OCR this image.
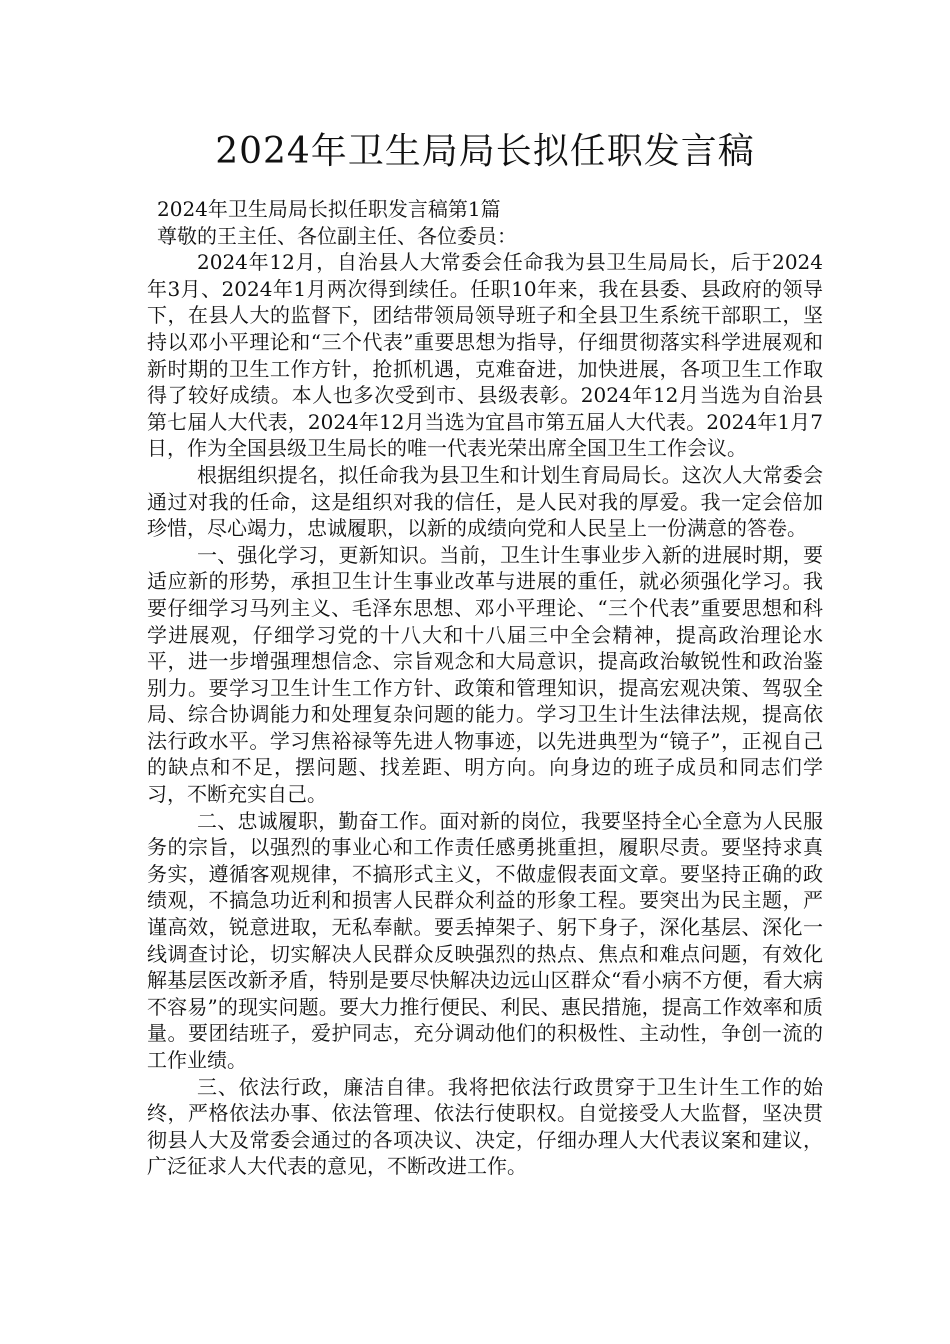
2024年卫生局局长拟任职发言稿

2024年卫生局局长拟任职发言稿第1篇

尊敬的王主任、各位副主任、各位委员：

2024年12月，自治县人大常委会任命我为县卫生局局长，后于2024年3月、2024年1月两次得到续任。任职10年来，我在县委、县政府的领导下，在县人大的监督下，团结带领局领导班子和全县卫生系统干部职工，坚持以邓小平理论和“三个代表”重要思想为指导，仔细贯彻落实科学进展观和新时期的卫生工作方针，抢抓机遇，克难奋进，加快进展，各项卫生工作取得了较好成绩。本人也多次受到市、县级表彰。2024年12月当选为自治县第七届人大代表，2024年12月当选为宜昌市第五届人大代表。2024年1月7日，作为全国县级卫生局长的唯一代表光荣出席全国卫生工作会议。

根据组织提名，拟任命我为县卫生和计划生育局局长。这次人大常委会通过对我的任命，这是组织对我的信任，是人民对我的厚爱。我一定会倍加珍惜，尽心竭力，忠诚履职，以新的成绩向党和人民呈上一份满意的答卷。

一、强化学习，更新知识。当前，卫生计生事业步入新的进展时期，要适应新的形势，承担卫生计生事业改革与进展的重任，就必须强化学习。我要仔细学习马列主义、毛泽东思想、邓小平理论、“三个代表”重要思想和科学进展观，仔细学习党的十八大和十八届三中全会精神，提高政治理论水平，进一步增强理想信念、宗旨观念和大局意识，提高政治敏锐性和政治鉴别力。要学习卫生计生工作方针、政策和管理知识，提高宏观决策、驾驭全局、综合协调能力和处理复杂问题的能力。学习卫生计生法律法规，提高依法行政水平。学习焦裕禄等先进人物事迹，以先进典型为“镜子”，正视自己的缺点和不足，摆问题、找差距、明方向。向身边的班子成员和同志们学习，不断充实自己。

二、忠诚履职，勤奋工作。面对新的岗位，我要坚持全心全意为人民服务的宗旨，以强烈的事业心和工作责任感勇挑重担，履职尽责。要坚持求真务实，遵循客观规律，不搞形式主义，不做虚假表面文章。要坚持正确的政绩观，不搞急功近利和损害人民群众利益的形象工程。要突出为民主题，严谨高效，锐意进取，无私奉献。要丢掉架子、躬下身子，深化基层、深化一线调查讨论，切实解决人民群众反映强烈的热点、焦点和难点问题，有效化解基层医改新矛盾，特别是要尽快解决边远山区群众“看小病不方便，看大病不容易”的现实问题。要大力推行便民、利民、惠民措施，提高工作效率和质量。要团结班子，爱护同志，充分调动他们的积极性、主动性，争创一流的工作业绩。

三、依法行政，廉洁自律。我将把依法行政贯穿于卫生计生工作的始终，严格依法办事、依法管理、依法行使职权。自觉接受人大监督，坚决贯彻县人大及常委会通过的各项决议、决定，仔细办理人大代表议案和建议，广泛征求人大代表的意见，不断改进工作。
